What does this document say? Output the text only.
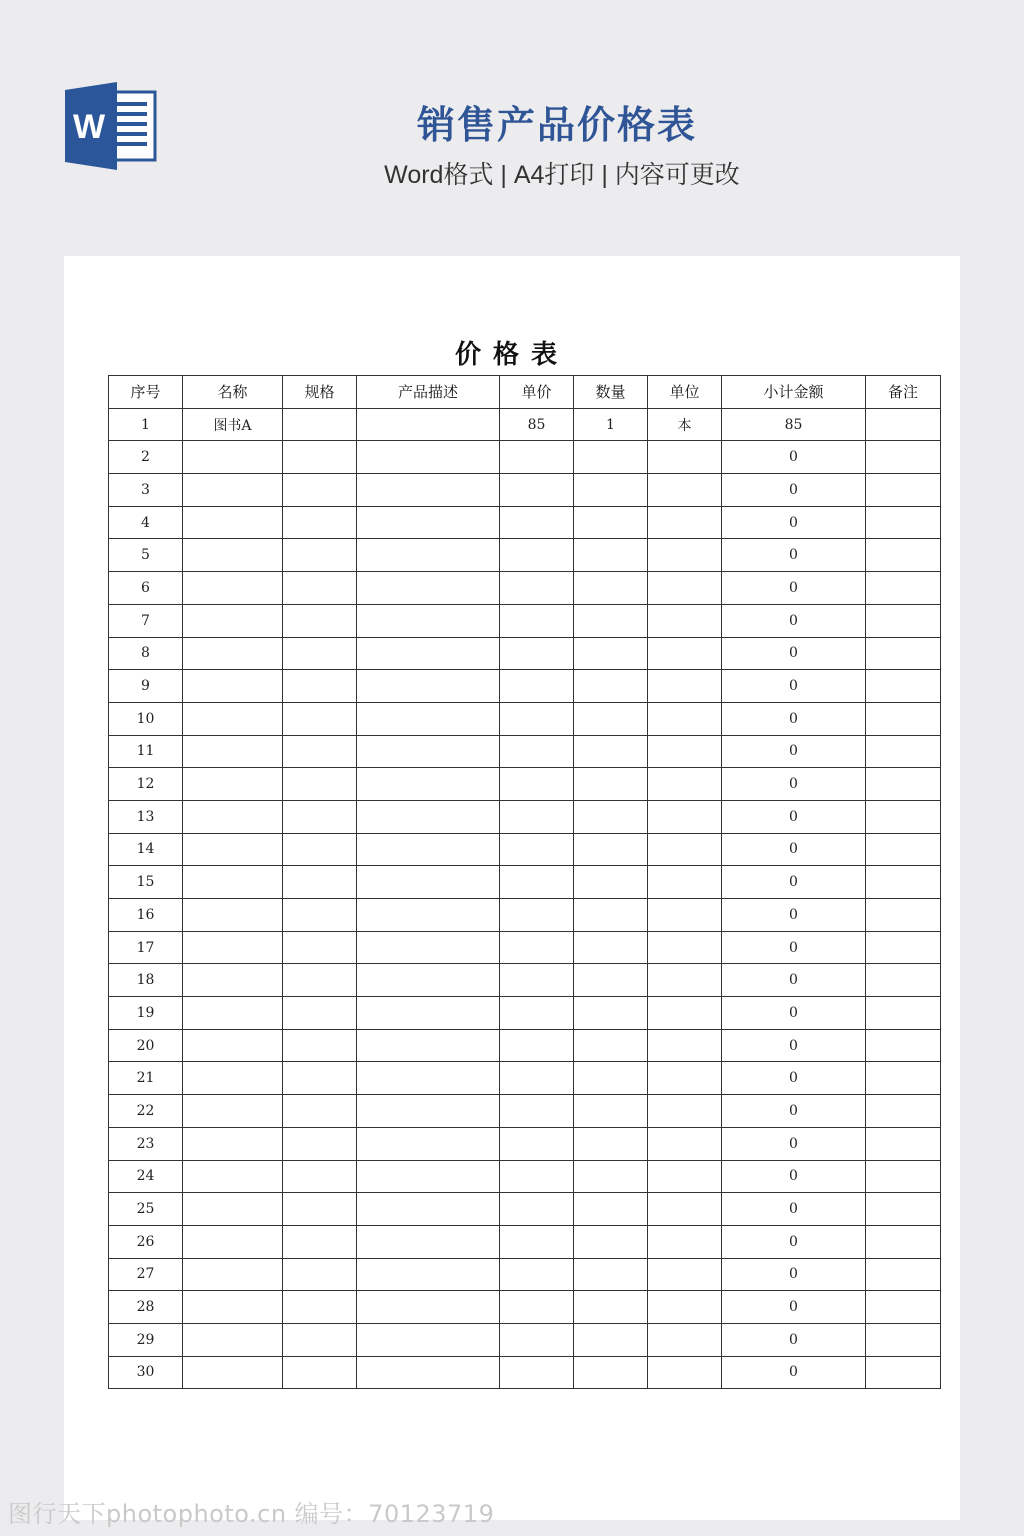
W	销售产品价格表
Word格式 | A4打印 | 内容可更改
价格表
序号	名称	规格	产品描述	单价	数量	单位	小计金额	备注
1	图书A			85	1	本	85	
2							0	
3							0	
4							0	
5							0	
6							0	
7							0	
8							0	
9							0	
10							0	
11							0	
12							0	
13							0	
14							0	
15							0	
16							0	
17							0	
18							0	
19							0	
20							0	
21							0	
22							0	
23							0	
24							0	
25							0	
26							0	
27							0	
28							0	
29							0	
30							0	
图行天下photophoto.cn 编号：70123719
